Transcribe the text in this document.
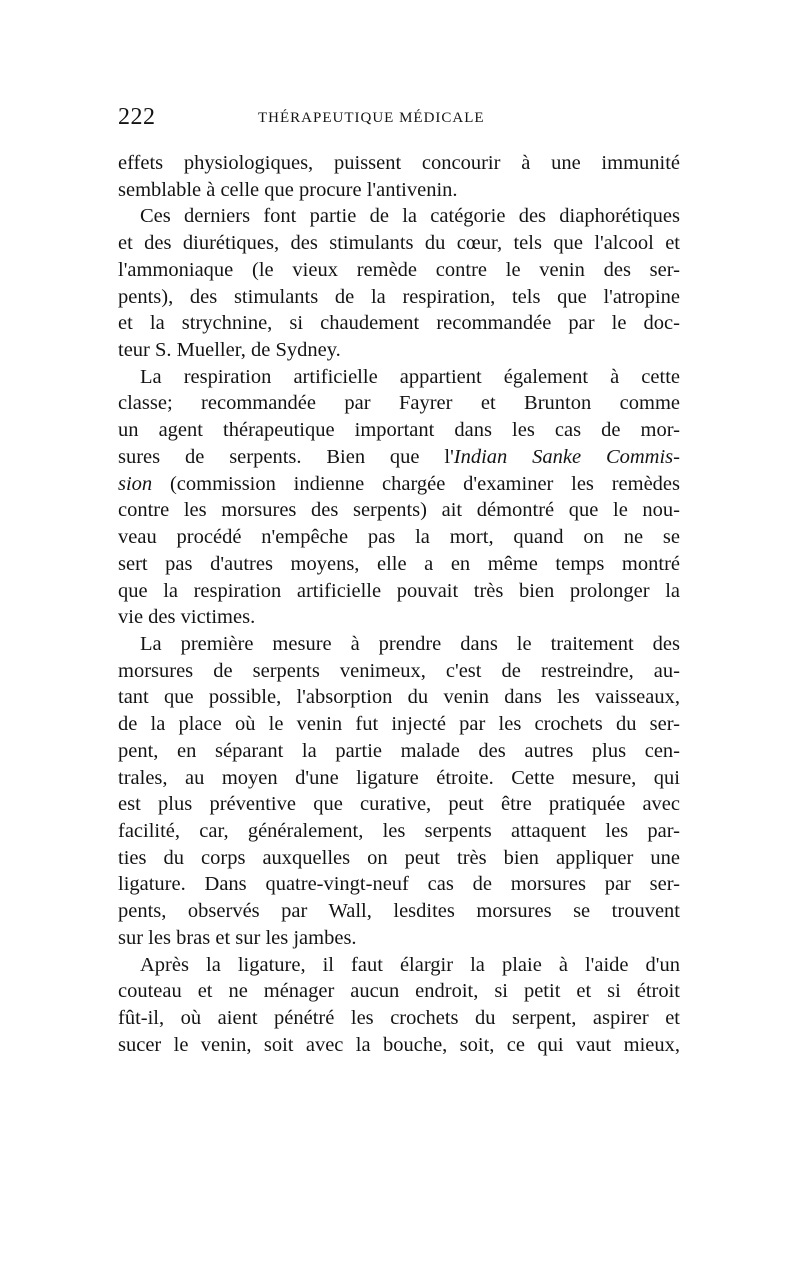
222	THÉRAPEUTIQUE MÉDICALE
effets physiologiques, puissent concourir à une immunité
semblable à celle que procure l'antivenin.
Ces derniers font partie de la catégorie des diaphorétiques
et des diurétiques, des stimulants du cœur, tels que l'alcool et
l'ammoniaque (le vieux remède contre le venin des ser-
pents), des stimulants de la respiration, tels que l'atropine
et la strychnine, si chaudement recommandée par le doc-
teur S. Mueller, de Sydney.
La respiration artificielle appartient également à cette
classe; recommandée par Fayrer et Brunton comme
un agent thérapeutique important dans les cas de mor-
sures de serpents. Bien que l'Indian Sanke Commis-
sion (commission indienne chargée d'examiner les remèdes
contre les morsures des serpents) ait démontré que le nou-
veau procédé n'empêche pas la mort, quand on ne se
sert pas d'autres moyens, elle a en même temps montré
que la respiration artificielle pouvait très bien prolonger la
vie des victimes.
La première mesure à prendre dans le traitement des
morsures de serpents venimeux, c'est de restreindre, au-
tant que possible, l'absorption du venin dans les vaisseaux,
de la place où le venin fut injecté par les crochets du ser-
pent, en séparant la partie malade des autres plus cen-
trales, au moyen d'une ligature étroite. Cette mesure, qui
est plus préventive que curative, peut être pratiquée avec
facilité, car, généralement, les serpents attaquent les par-
ties du corps auxquelles on peut très bien appliquer une
ligature. Dans quatre-vingt-neuf cas de morsures par ser-
pents, observés par Wall, lesdites morsures se trouvent
sur les bras et sur les jambes.
Après la ligature, il faut élargir la plaie à l'aide d'un
couteau et ne ménager aucun endroit, si petit et si étroit
fût-il, où aient pénétré les crochets du serpent, aspirer et
sucer le venin, soit avec la bouche, soit, ce qui vaut mieux,
